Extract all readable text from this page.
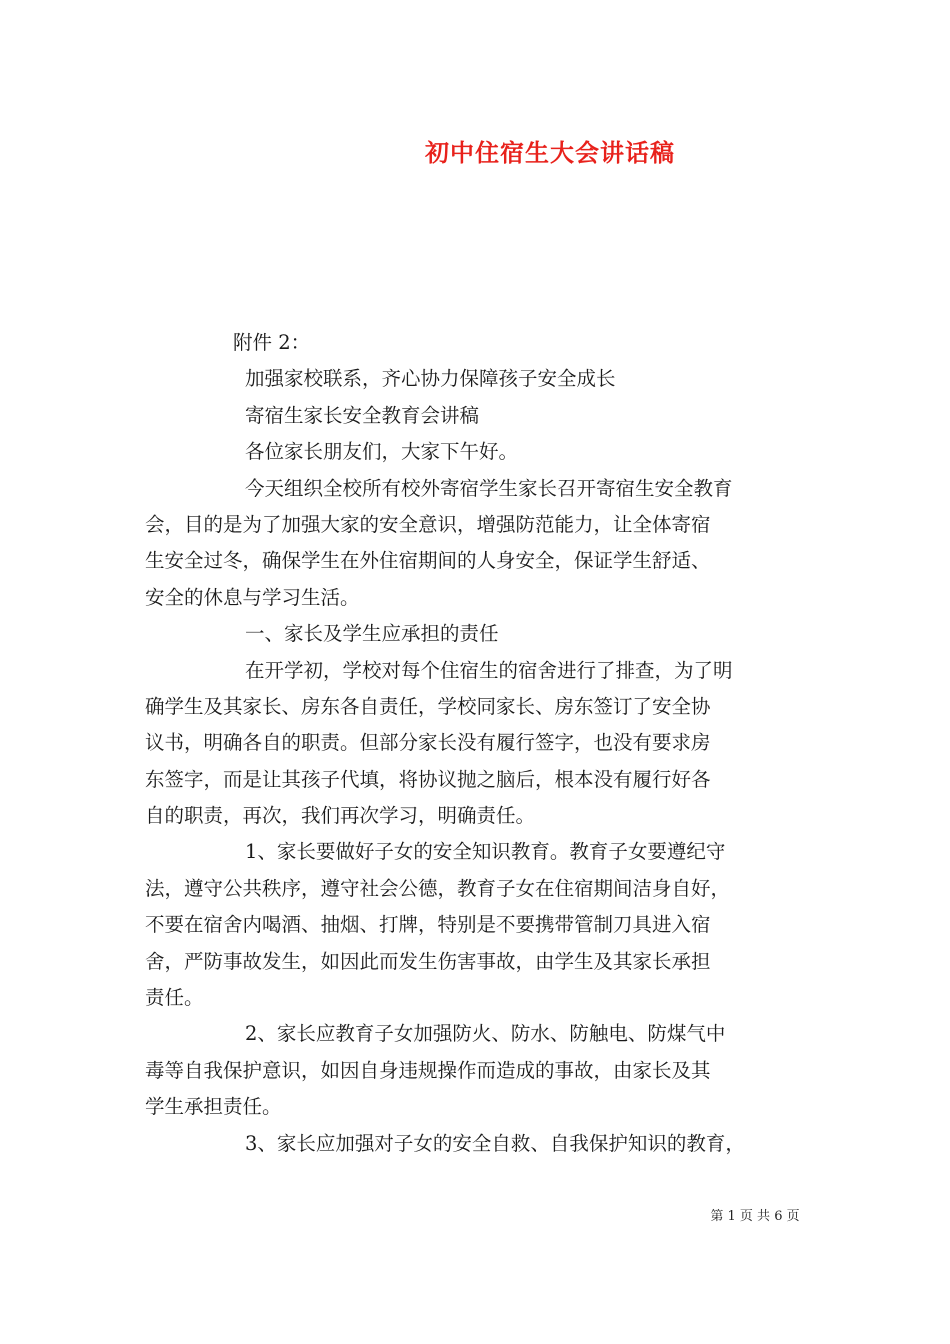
初中住宿生大会讲话稿
附件 2：
加强家校联系，齐心协力保障孩子安全成长
寄宿生家长安全教育会讲稿
各位家长朋友们，大家下午好。
今天组织全校所有校外寄宿学生家长召开寄宿生安全教育
会，目的是为了加强大家的安全意识，增强防范能力，让全体寄宿
生安全过冬，确保学生在外住宿期间的人身安全，保证学生舒适、
安全的休息与学习生活。
一、家长及学生应承担的责任
在开学初，学校对每个住宿生的宿舍进行了排查，为了明
确学生及其家长、房东各自责任，学校同家长、房东签订了安全协
议书，明确各自的职责。但部分家长没有履行签字，也没有要求房
东签字，而是让其孩子代填，将协议抛之脑后，根本没有履行好各
自的职责，再次，我们再次学习，明确责任。
1、家长要做好子女的安全知识教育。教育子女要遵纪守
法，遵守公共秩序，遵守社会公德，教育子女在住宿期间洁身自好，
不要在宿舍内喝酒、抽烟、打牌，特别是不要携带管制刀具进入宿
舍，严防事故发生，如因此而发生伤害事故，由学生及其家长承担
责任。
2、家长应教育子女加强防火、防水、防触电、防煤气中
毒等自我保护意识，如因自身违规操作而造成的事故，由家长及其
学生承担责任。
3、家长应加强对子女的安全自救、自我保护知识的教育，
第 1 页 共 6 页
